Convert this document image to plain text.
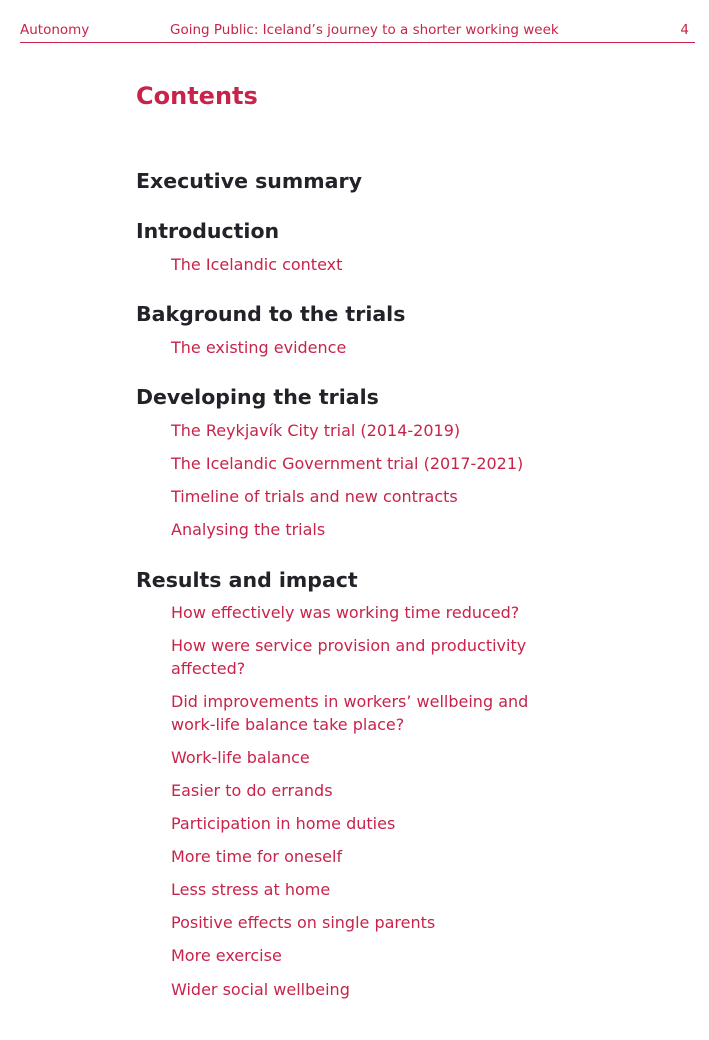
Autonomy	Going Public: Iceland’s journey to a shorter working week	4
Contents
Executive summary
Introduction
The Icelandic context
Bakground to the trials
The existing evidence
Developing the trials
The Reykjavík City trial (2014-2019)
The Icelandic Government trial (2017-2021)
Timeline of trials and new contracts
Analysing the trials
Results and impact
How effectively was working time reduced?
How were service provision and productivity affected?
Did improvements in workers’ wellbeing and work-life balance take place?
Work-life balance
Easier to do errands
Participation in home duties
More time for oneself
Less stress at home
Positive effects on single parents
More exercise
Wider social wellbeing
